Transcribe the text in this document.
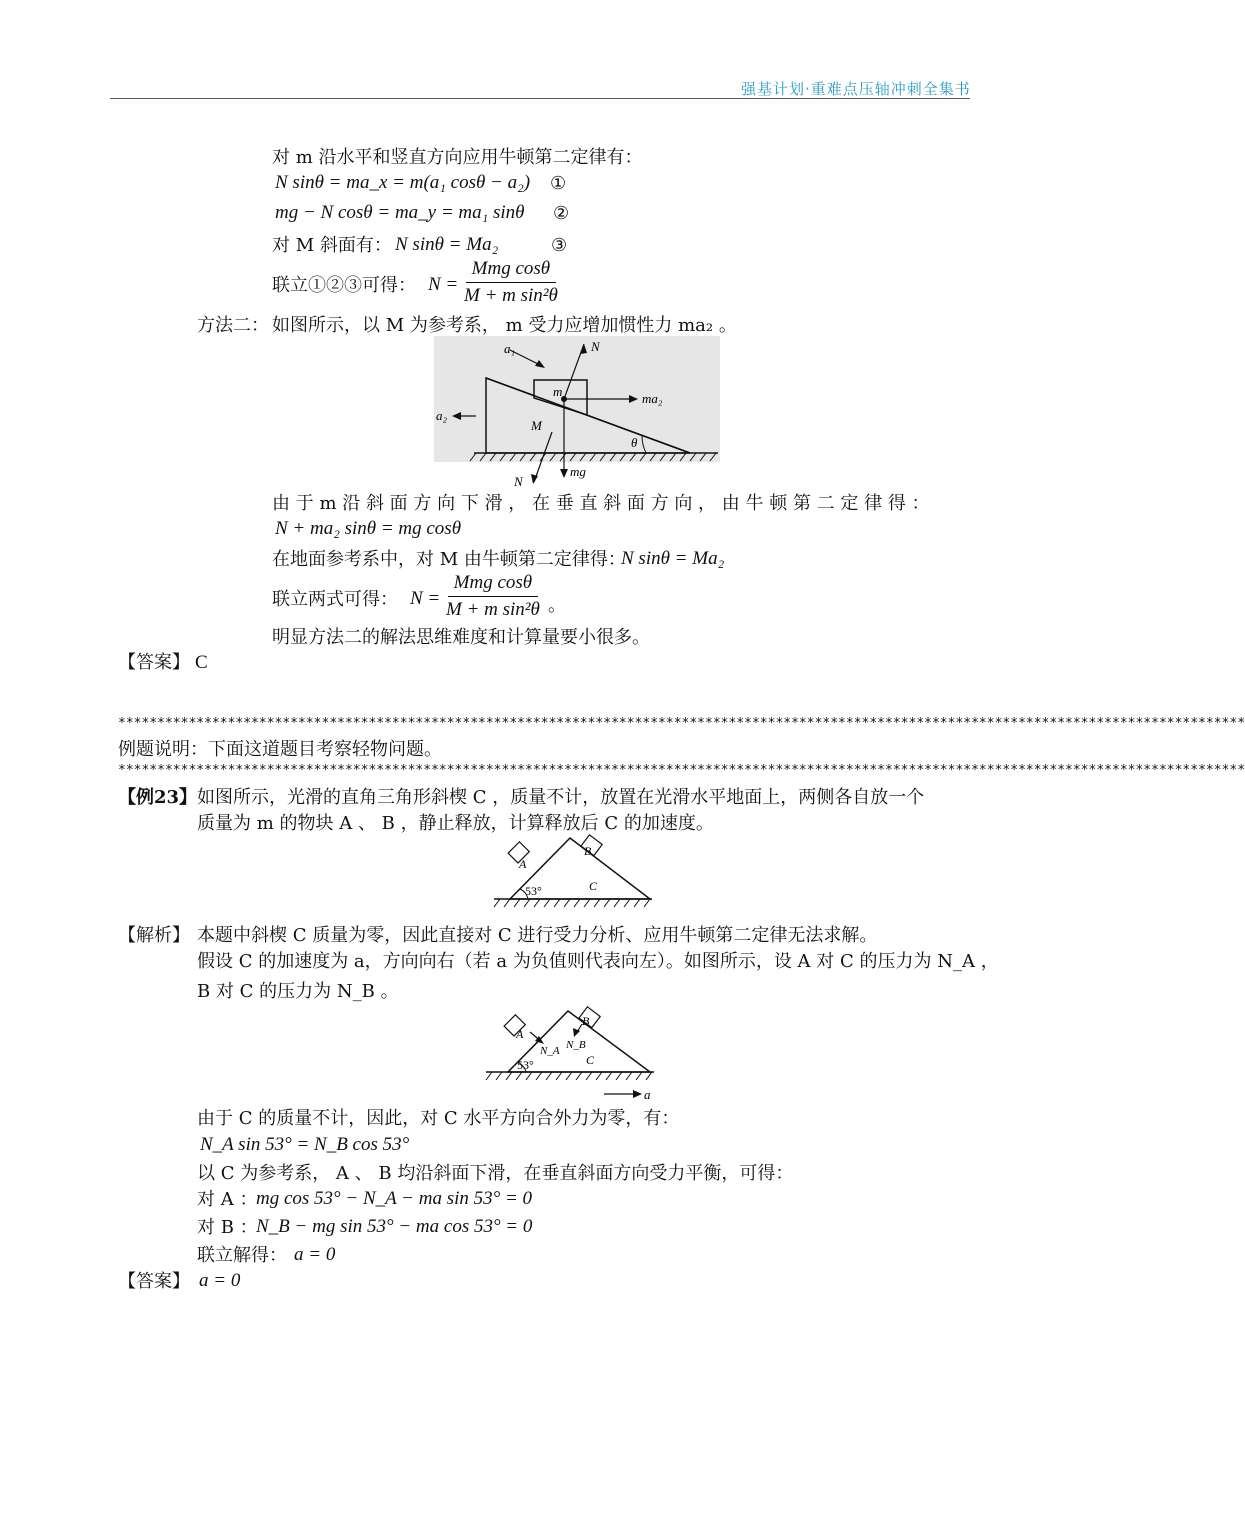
强基计划·重难点压轴冲刺全集书
对 m 沿水平和竖直方向应用牛顿第二定律有：
N sinθ = ma_x = m(a₁ cosθ − a₂) ①
mg − N cosθ = ma_y = ma₁ sinθ ②
对 M 斜面有： N sinθ = Ma₂	③
联立①②③可得： $N = \frac{\text{Mmg cosθ}}{\text{M + m sin²θ}}$
方法二： 如图所示，以 M 为参考系， m 受力应增加惯性力 ma₂ 。
a₁	N
m	ma₂
a₂
M
θ
mg
N
由 于 m 沿 斜 面 方 向 下 滑 ， 在 垂 直 斜 面 方 向 ， 由 牛 顿 第 二 定 律 得 ：
N + ma₂ sinθ = mg cosθ
在地面参考系中，对 M 由牛顿第二定律得：
N sinθ = Ma₂
联立两式可得： $N = \frac{\text{Mmg cosθ}}{\text{M + m sin²θ}}$ 。
明显方法二的解法思维难度和计算量要小很多。
【答案】 C
************************************************************************************************************************************************
例题说明：下面这道题目考察轻物问题。
************************************************************************************************************************************************
【例23】 如图所示，光滑的直角三角形斜楔 C ，质量不计，放置在光滑水平地面上，两侧各自放一个
质量为 m 的物块 A 、 B ，静止释放，计算释放后 C 的加速度。
A
B
53°	C
【解析】 本题中斜楔 C 质量为零，因此直接对 C 进行受力分析、应用牛顿第二定律无法求解。
假设 C 的加速度为 a，方向向右（若 a 为负值则代表向左）。如图所示，设 A 对 C 的压力为 N_A ，
B 对 C 的压力为 N_B 。
A
B
N_A N_B
53°	C
a
由于 C 的质量不计，因此，对 C 水平方向合外力为零，有：
N_A sin 53° = N_B cos 53°
以 C 为参考系， A 、 B 均沿斜面下滑，在垂直斜面方向受力平衡，可得：
对 A ：
mg cos 53° − N_A − ma sin 53° = 0
对 B ：
N_B − mg sin 53° − ma cos 53° = 0
联立解得： a = 0
【答案】 a = 0
